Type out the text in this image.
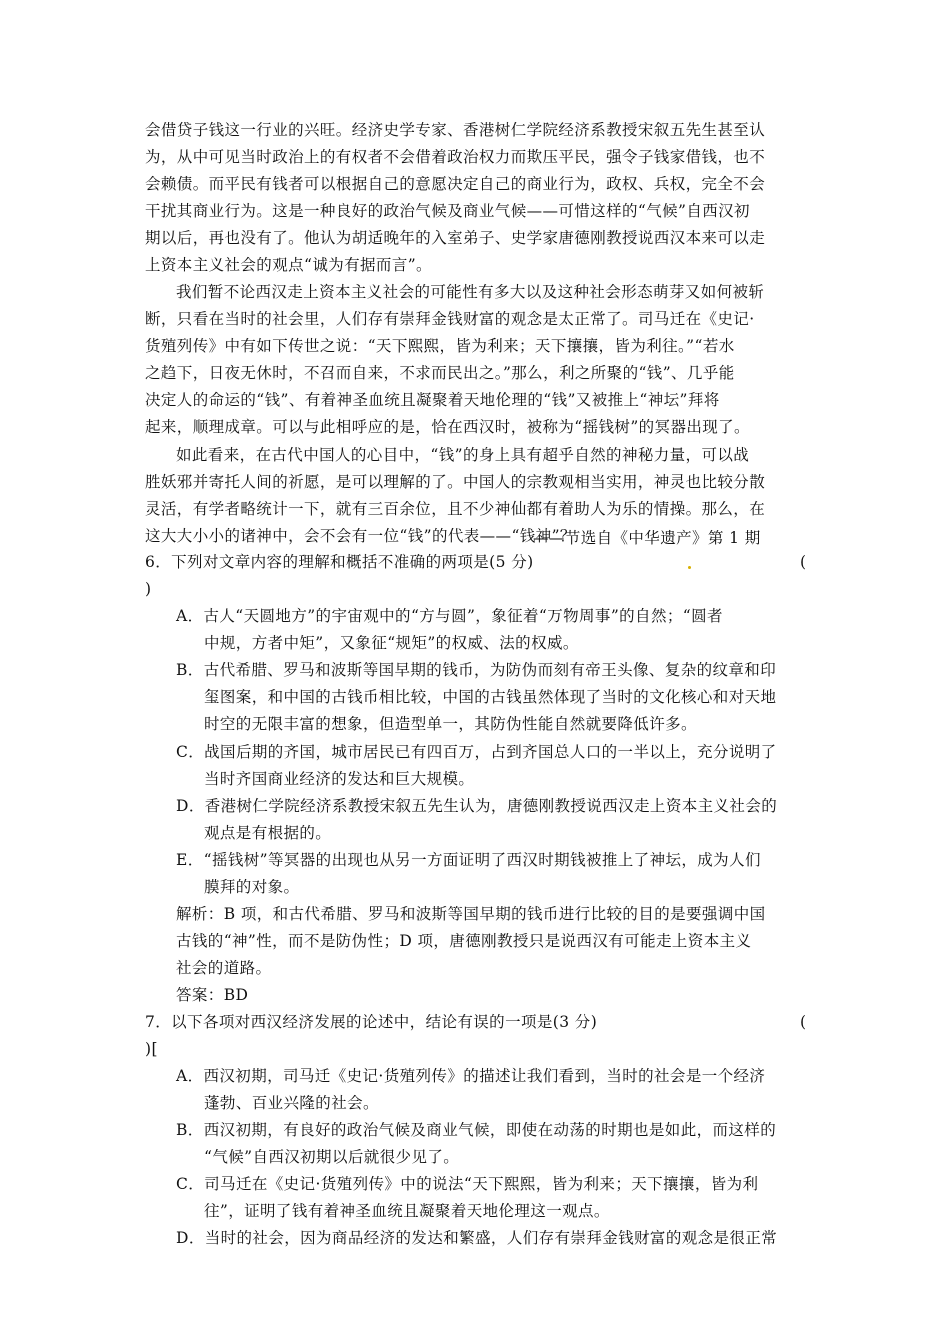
会借贷子钱这一行业的兴旺。经济史学专家、香港树仁学院经济系教授宋叙五先生甚至认
为，从中可见当时政治上的有权者不会借着政治权力而欺压平民，强令子钱家借钱，也不
会赖债。而平民有钱者可以根据自己的意愿决定自己的商业行为，政权、兵权，完全不会
干扰其商业行为。这是一种良好的政治气候及商业气候——可惜这样的“气候”自西汉初
期以后，再也没有了。他认为胡适晚年的入室弟子、史学家唐德刚教授说西汉本来可以走
上资本主义社会的观点“诚为有据而言”。
我们暂不论西汉走上资本主义社会的可能性有多大以及这种社会形态萌芽又如何被斩
断，只看在当时的社会里，人们存有崇拜金钱财富的观念是太正常了。司马迁在《史记·
货殖列传》中有如下传世之说：“天下熙熙，皆为利来；天下攘攘，皆为利往。”“若水
之趋下，日夜无休时，不召而自来，不求而民出之。”那么，利之所聚的“钱”、几乎能
决定人的命运的“钱”、有着神圣血统且凝聚着天地伦理的“钱”又被推上“神坛”拜将
起来，顺理成章。可以与此相呼应的是，恰在西汉时，被称为“摇钱树”的冥器出现了。
如此看来，在古代中国人的心目中，“钱”的身上具有超乎自然的神秘力量，可以战
胜妖邪并寄托人间的祈愿，是可以理解的了。中国人的宗教观相当实用，神灵也比较分散
灵活，有学者略统计一下，就有三百余位，且不少神仙都有着助人为乐的情操。那么，在
这大大小小的诸神中，会不会有一位“钱”的代表——“钱神”？
——节选自《中华遗产》第 1 期
6．下列对文章内容的理解和概括不准确的两项是(5 分)	(
)
A．古人“天圆地方”的宇宙观中的“方与圆”，象征着“万物周事”的自然；“圆者
中规，方者中矩”，又象征“规矩”的权威、法的权威。
B．古代希腊、罗马和波斯等国早期的钱币，为防伪而刻有帝王头像、复杂的纹章和印
玺图案，和中国的古钱币相比较，中国的古钱虽然体现了当时的文化核心和对天地
时空的无限丰富的想象，但造型单一，其防伪性能自然就要降低许多。
C．战国后期的齐国，城市居民已有四百万，占到齐国总人口的一半以上，充分说明了
当时齐国商业经济的发达和巨大规模。
D．香港树仁学院经济系教授宋叙五先生认为，唐德刚教授说西汉走上资本主义社会的
观点是有根据的。
E．“摇钱树”等冥器的出现也从另一方面证明了西汉时期钱被推上了神坛，成为人们
膜拜的对象。
解析：B 项，和古代希腊、罗马和波斯等国早期的钱币进行比较的目的是要强调中国
古钱的“神”性，而不是防伪性；D 项，唐德刚教授只是说西汉有可能走上资本主义
社会的道路。
答案：BD
7．以下各项对西汉经济发展的论述中，结论有误的一项是(3 分)	(
)[
A．西汉初期，司马迁《史记·货殖列传》的描述让我们看到，当时的社会是一个经济
蓬勃、百业兴隆的社会。
B．西汉初期，有良好的政治气候及商业气候，即使在动荡的时期也是如此，而这样的
“气候”自西汉初期以后就很少见了。
C．司马迁在《史记·货殖列传》中的说法“天下熙熙，皆为利来；天下攘攘，皆为利
往”，证明了钱有着神圣血统且凝聚着天地伦理这一观点。
D．当时的社会，因为商品经济的发达和繁盛，人们存有崇拜金钱财富的观念是很正常
